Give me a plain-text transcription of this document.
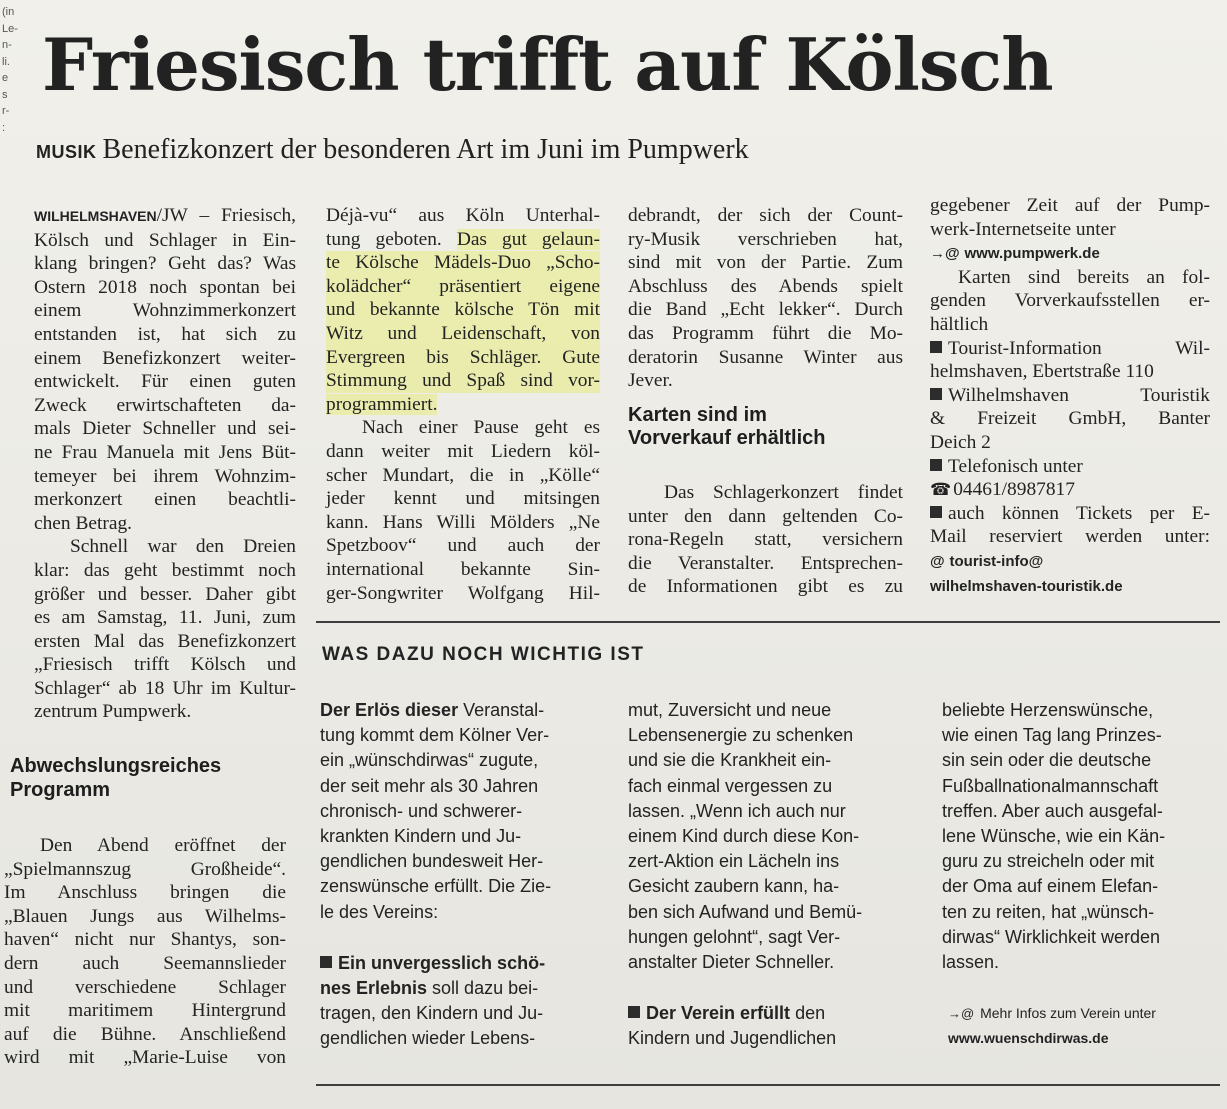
(in
Le-
n-
li.
e
s
r-
:
Friesisch trifft auf Kölsch
MUSIK Benefizkonzert der besonderen Art im Juni im Pumpwerk
WILHELMSHAVEN/JW – Friesisch,
Kölsch und Schlager in Ein-
klang bringen? Geht das? Was
Ostern 2018 noch spontan bei
einem Wohnzimmerkonzert
entstanden ist, hat sich zu
einem Benefizkonzert weiter-
entwickelt. Für einen guten
Zweck erwirtschafteten da-
mals Dieter Schneller und sei-
ne Frau Manuela mit Jens Büt-
temeyer bei ihrem Wohnzim-
merkonzert einen beachtli-
chen Betrag.
Schnell war den Dreien
klar: das geht bestimmt noch
größer und besser. Daher gibt
es am Samstag, 11. Juni, zum
ersten Mal das Benefizkonzert
„Friesisch trifft Kölsch und
Schlager“ ab 18 Uhr im Kultur-
zentrum Pumpwerk.
Abwechslungsreiches
Programm
Den Abend eröffnet der
„Spielmannszug Großheide“.
Im Anschluss bringen die
„Blauen Jungs aus Wilhelms-
haven“ nicht nur Shantys, son-
dern auch Seemannslieder
und verschiedene Schlager
mit maritimem Hintergrund
auf die Bühne. Anschließend
wird mit „Marie-Luise von
Déjà-vu“ aus Köln Unterhal-
tung geboten. Das gut gelaun-
te Kölsche Mädels-Duo „Scho-
kolädcher“ präsentiert eigene
und bekannte kölsche Tön mit
Witz und Leidenschaft, von
Evergreen bis Schläger. Gute
Stimmung und Spaß sind vor-
programmiert.
Nach einer Pause geht es
dann weiter mit Liedern köl-
scher Mundart, die in „Kölle“
jeder kennt und mitsingen
kann. Hans Willi Mölders „Ne
Spetzboov“ und auch der
international bekannte Sin-
ger-Songwriter Wolfgang Hil-
debrandt, der sich der Count-
ry-Musik verschrieben hat,
sind mit von der Partie. Zum
Abschluss des Abends spielt
die Band „Echt lekker“. Durch
das Programm führt die Mo-
deratorin Susanne Winter aus
Jever.
Karten sind im
Vorverkauf erhältlich
Das Schlagerkonzert findet
unter den dann geltenden Co-
rona-Regeln statt, versichern
die Veranstalter. Entsprechen-
de Informationen gibt es zu
gegebener Zeit auf der Pump-
werk-Internetseite unter
→@ www.pumpwerk.de
Karten sind bereits an fol-
genden Vorverkaufsstellen er-
hältlich
Tourist-Information Wil-
helmshaven, Ebertstraße 110
Wilhelmshaven Touristik
& Freizeit GmbH, Banter
Deich 2
Telefonisch unter
☎ 04461/8987817
auch können Tickets per E-
Mail reserviert werden unter:
@ tourist-info@
wilhelmshaven-touristik.de
WAS DAZU NOCH WICHTIG IST
Der Erlös dieser Veranstal-
tung kommt dem Kölner Ver-
ein „wünschdirwas“ zugute,
der seit mehr als 30 Jahren
chronisch- und schwerer-
krankten Kindern und Ju-
gendlichen bundesweit Her-
zenswünsche erfüllt. Die Zie-
le des Vereins:
Ein unvergesslich schö-
nes Erlebnis soll dazu bei-
tragen, den Kindern und Ju-
gendlichen wieder Lebens-
mut, Zuversicht und neue
Lebensenergie zu schenken
und sie die Krankheit ein-
fach einmal vergessen zu
lassen. „Wenn ich auch nur
einem Kind durch diese Kon-
zert-Aktion ein Lächeln ins
Gesicht zaubern kann, ha-
ben sich Aufwand und Bemü-
hungen gelohnt“, sagt Ver-
anstalter Dieter Schneller.
Der Verein erfüllt den
Kindern und Jugendlichen
beliebte Herzenswünsche,
wie einen Tag lang Prinzes-
sin sein oder die deutsche
Fußballnationalmannschaft
treffen. Aber auch ausgefal-
lene Wünsche, wie ein Kän-
guru zu streicheln oder mit
der Oma auf einem Elefan-
ten zu reiten, hat „wünsch-
dirwas“ Wirklichkeit werden
lassen.
→@ Mehr Infos zum Verein unter
www.wuenschdirwas.de
